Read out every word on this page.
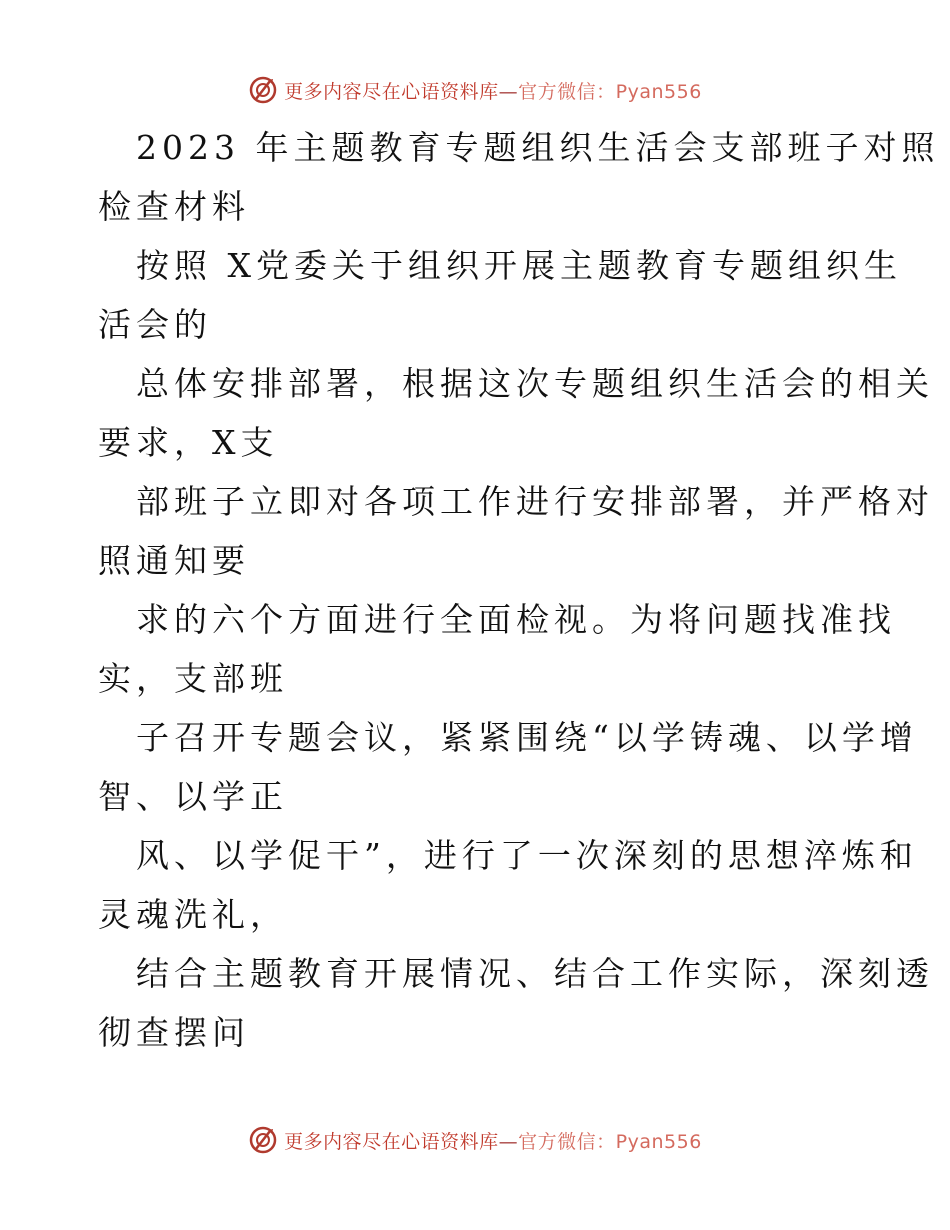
更多内容尽在心语资料库—官方微信：Pyan556

2023 年主题教育专题组织生活会支部班子对照

检查材料

按照 X党委关于组织开展主题教育专题组织生

活会的

总体安排部署，根据这次专题组织生活会的相关

要求，X支

部班子立即对各项工作进行安排部署，并严格对

照通知要

求的六个方面进行全面检视。为将问题找准找

实，支部班

子召开专题会议，紧紧围绕“以学铸魂、以学增

智、以学正

风、以学促干”，进行了一次深刻的思想淬炼和

灵魂洗礼，

结合主题教育开展情况、结合工作实际，深刻透

彻查摆问

更多内容尽在心语资料库—官方微信：Pyan556
